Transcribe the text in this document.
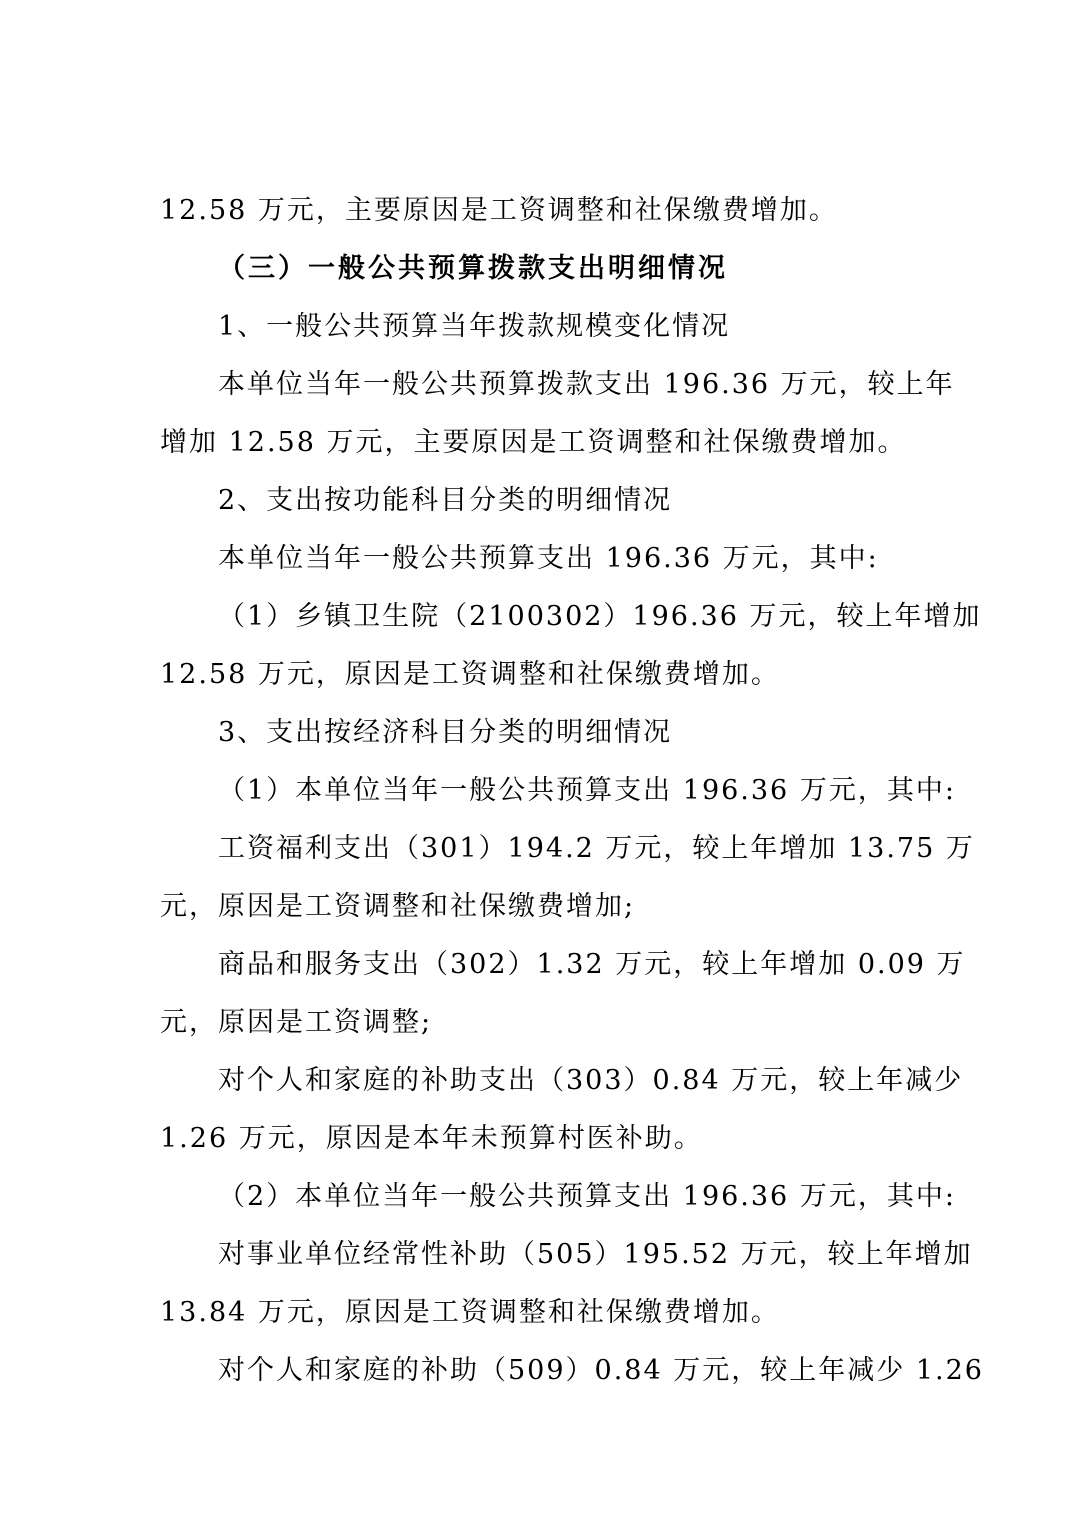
12.58 万元，主要原因是工资调整和社保缴费增加。
（三）一般公共预算拨款支出明细情况
1、一般公共预算当年拨款规模变化情况
本单位当年一般公共预算拨款支出 196.36 万元，较上年
增加 12.58 万元，主要原因是工资调整和社保缴费增加。
2、支出按功能科目分类的明细情况
本单位当年一般公共预算支出 196.36 万元，其中:
（1）乡镇卫生院（2100302）196.36 万元，较上年增加
12.58 万元，原因是工资调整和社保缴费增加。
3、支出按经济科目分类的明细情况
（1）本单位当年一般公共预算支出 196.36 万元，其中:
工资福利支出（301）194.2 万元，较上年增加 13.75 万
元，原因是工资调整和社保缴费增加;
商品和服务支出（302）1.32 万元，较上年增加 0.09 万
元，原因是工资调整;
对个人和家庭的补助支出（303）0.84 万元，较上年减少
1.26 万元，原因是本年未预算村医补助。
（2）本单位当年一般公共预算支出 196.36 万元，其中:
对事业单位经常性补助（505）195.52 万元，较上年增加
13.84 万元，原因是工资调整和社保缴费增加。
对个人和家庭的补助（509）0.84 万元，较上年减少 1.26
